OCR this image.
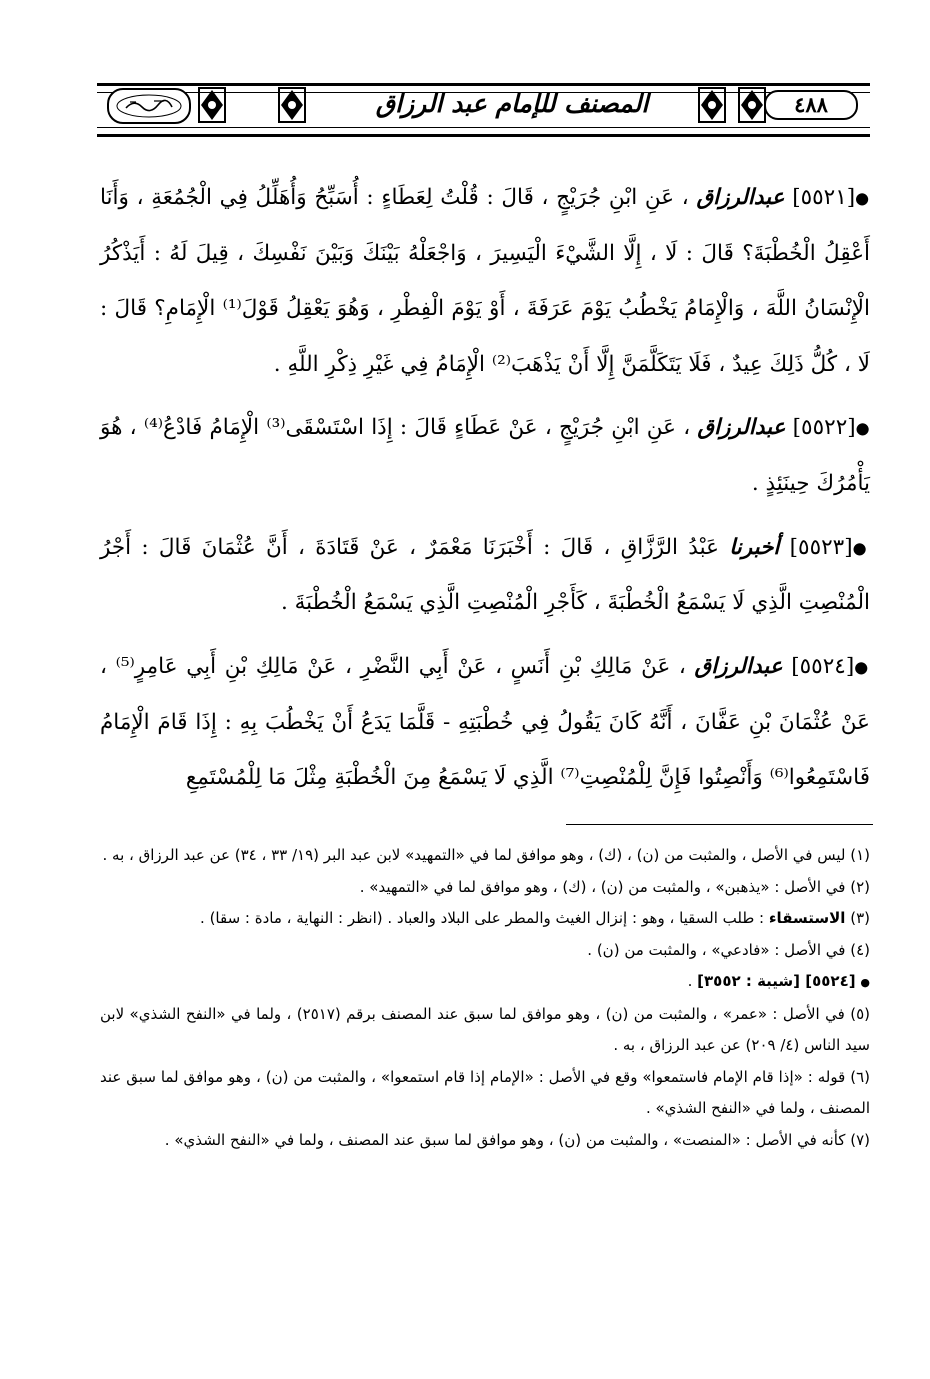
المصنف للإمام عبد الرزاق	٤٨٨

●[٥٥٢١] عبدالرزاق ، عَنِ ابْنِ جُرَيْجٍ ، قَالَ : قُلْتُ لِعَطَاءٍ : أُسَبِّحُ وَأُهَلِّلُ فِي الْجُمُعَةِ ، وَأَنَا أَعْقِلُ الْخُطْبَةَ؟ قَالَ : لَا ، إِلَّا الشَّيْءَ الْيَسِيرَ ، وَاجْعَلْهُ بَيْنَكَ وَبَيْنَ نَفْسِكَ ، قِيلَ لَهُ : أَيَذْكُرُ الْإِنْسَانُ اللَّهَ ، وَالْإِمَامُ يَخْطُبُ يَوْمَ عَرَفَةَ ، أَوْ يَوْمَ الْفِطْرِ ، وَهُوَ يَعْقِلُ قَوْلَ⁽¹⁾ الْإِمَامِ؟ قَالَ : لَا ، كُلُّ ذَلِكَ عِيدٌ ، فَلَا يَتَكَلَّمَنَّ إِلَّا أَنْ يَذْهَبَ⁽²⁾ الْإِمَامُ فِي غَيْرِ ذِكْرِ اللَّهِ .

●[٥٥٢٢] عبدالرزاق ، عَنِ ابْنِ جُرَيْجٍ ، عَنْ عَطَاءٍ قَالَ : إِذَا اسْتَسْقَى⁽³⁾ الْإِمَامُ فَادْعُ⁽⁴⁾ ، هُوَ يَأْمُرُكَ حِينَئِذٍ .

●[٥٥٢٣] أخبرنا عَبْدُ الرَّزَّاقِ ، قَالَ : أَخْبَرَنَا مَعْمَرٌ ، عَنْ قَتَادَةَ ، أَنَّ عُثْمَانَ قَالَ : أَجْرُ الْمُنْصِتِ الَّذِي لَا يَسْمَعُ الْخُطْبَةَ ، كَأَجْرِ الْمُنْصِتِ الَّذِي يَسْمَعُ الْخُطْبَةَ .

●[٥٥٢٤] عبدالرزاق ، عَنْ مَالِكِ بْنِ أَنَسٍ ، عَنْ أَبِي النَّضْرِ ، عَنْ مَالِكِ بْنِ أَبِي عَامِرٍ⁽⁵⁾ ، عَنْ عُثْمَانَ بْنِ عَفَّانَ ، أَنَّهُ كَانَ يَقُولُ فِي خُطْبَتِهِ - قَلَّمَا يَدَعُ أَنْ يَخْطُبَ بِهِ : إِذَا قَامَ الْإِمَامُ فَاسْتَمِعُوا⁽⁶⁾ وَأَنْصِتُوا فَإِنَّ لِلْمُنْصِتِ⁽⁷⁾ الَّذِي لَا يَسْمَعُ مِنَ الْخُطْبَةِ مِثْلَ مَا لِلْمُسْتَمِعِ

(١) ليس في الأصل ، والمثبت من (ن) ، (ك) ، وهو موافق لما في «التمهيد» لابن عبد البر (١٩/ ٣٣ ، ٣٤) عن عبد الرزاق ، به .

(٢) في الأصل : «يذهبن» ، والمثبت من (ن) ، (ك) ، وهو موافق لما في «التمهيد» .

(٣) الاستسقاء : طلب السقيا ، وهو : إنزال الغيث والمطر على البلاد والعباد . (انظر : النهاية ، مادة : سقا) .

(٤) في الأصل : «فادعي» ، والمثبت من (ن) .

● [٥٥٢٤] [شيبة : ٣٥٥٢] .

(٥) في الأصل : «عمر» ، والمثبت من (ن) ، وهو موافق لما سبق عند المصنف برقم (٢٥١٧) ، ولما في «النفح الشذي» لابن سيد الناس (٤/ ٢٠٩) عن عبد الرزاق ، به .

(٦) قوله : «إذا قام الإمام فاستمعوا» وقع في الأصل : «الإمام إذا قام استمعوا» ، والمثبت من (ن) ، وهو موافق لما سبق عند المصنف ، ولما في «النفح الشذي» .

(٧) كأنه في الأصل : «المنصت» ، والمثبت من (ن) ، وهو موافق لما سبق عند المصنف ، ولما في «النفح الشذي» .
